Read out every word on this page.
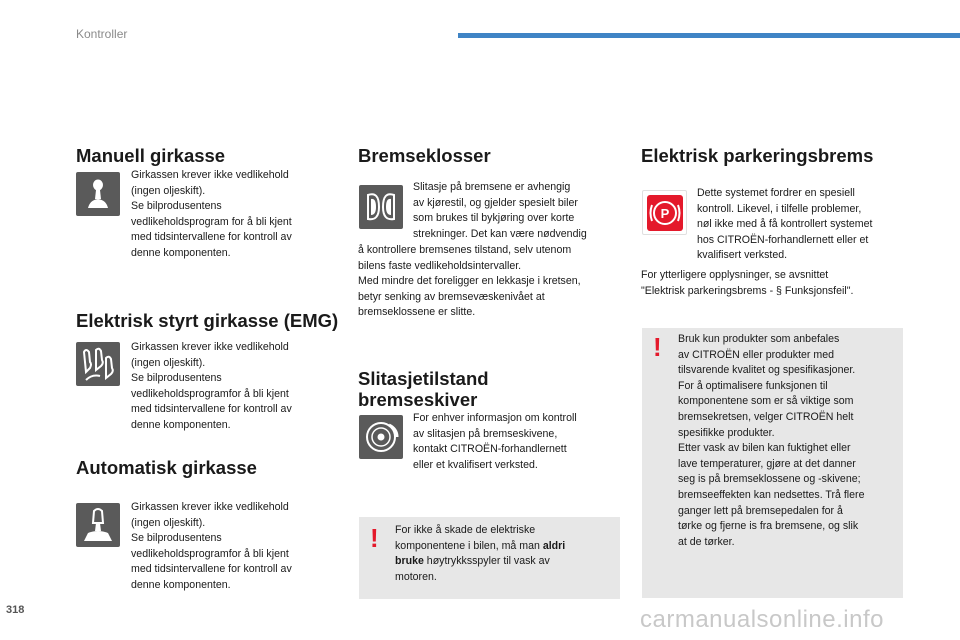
Kontroller
Manuell girkasse
Girkassen krever ikke vedlikehold
(ingen oljeskift).
Se bilprodusentens
vedlikeholdsprogram for å bli kjent
med tidsintervallene for kontroll av
denne komponenten.
Elektrisk styrt girkasse (EMG)
Girkassen krever ikke vedlikehold
(ingen oljeskift).
Se bilprodusentens
vedlikeholdsprogramfor å bli kjent
med tidsintervallene for kontroll av
denne komponenten.
Automatisk girkasse
Girkassen krever ikke vedlikehold
(ingen oljeskift).
Se bilprodusentens
vedlikeholdsprogramfor å bli kjent
med tidsintervallene for kontroll av
denne komponenten.
Bremseklosser
Slitasje på bremsene er avhengig
av kjørestil, og gjelder spesielt biler
som brukes til bykjøring over korte
strekninger. Det kan være nødvendig
å kontrollere bremsenes tilstand, selv utenom
bilens faste vedlikeholdsintervaller.
Med mindre det foreligger en lekkasje i kretsen,
betyr senking av bremsevæskenivået at
bremseklossene er slitte.
Slitasjetilstand
bremseskiver
For enhver informasjon om kontroll
av slitasjen på bremseskivene,
kontakt CITROËN-forhandlernett
eller et kvalifisert verksted.
! For ikke å skade de elektriske
komponentene i bilen, må man aldri
bruke høytrykksspyler til vask av
motoren.
Elektrisk parkeringsbrems
P
Dette systemet fordrer en spesiell
kontroll. Likevel, i tilfelle problemer,
nøl ikke med å få kontrollert systemet
hos CITROËN-forhandlernett eller et
kvalifisert verksted.
For ytterligere opplysninger, se avsnittet
"Elektrisk parkeringsbrems - § Funksjonsfeil".
! Bruk kun produkter som anbefales
av CITROËN eller produkter med
tilsvarende kvalitet og spesifikasjoner.
For å optimalisere funksjonen til
komponentene som er så viktige som
bremsekretsen, velger CITROËN helt
spesifikke produkter.
Etter vask av bilen kan fuktighet eller
lave temperaturer, gjøre at det danner
seg is på bremseklossene og -skivene;
bremseeffekten kan nedsettes. Trå flere
ganger lett på bremsepedalen for å
tørke og fjerne is fra bremsene, og slik
at de tørker.
318	carmanualsonline.info
